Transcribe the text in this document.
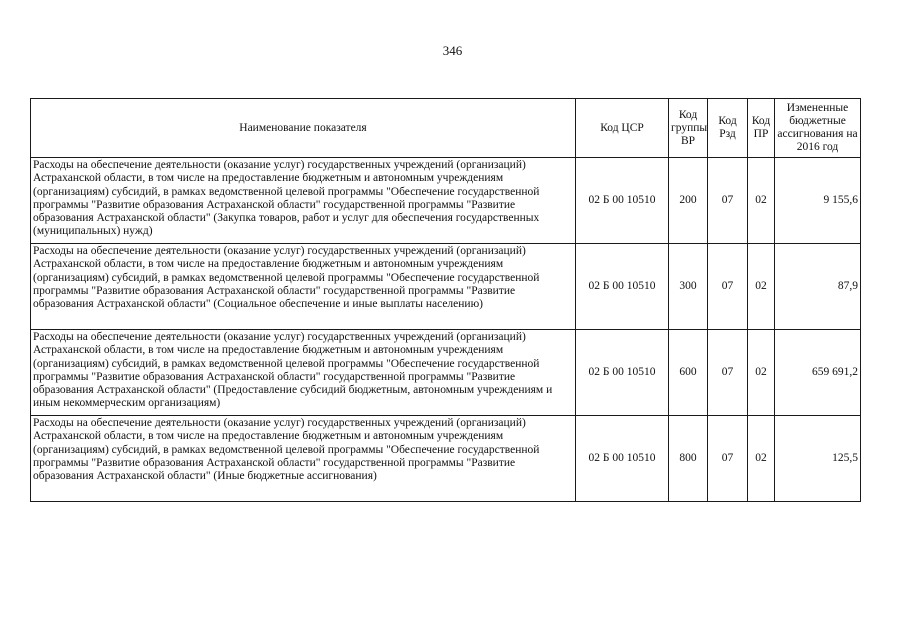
346
Наименование показателя	Код ЦСР	Код группы ВР	Код Рзд	Код ПР	Измененные бюджетные ассигнования на 2016 год
Расходы на обеспечение деятельности (оказание услуг) государственных учреждений (организаций) Астраханской области, в том числе на предоставление бюджетным и автономным учреждениям (организациям) субсидий, в рамках ведомственной целевой программы "Обеспечение государственной программы "Развитие образования Астраханской области" государственной программы "Развитие образования Астраханской области" (Закупка товаров, работ и услуг для обеспечения государственных (муниципальных) нужд)	02 Б 00 10510	200	07	02	9 155,6
Расходы на обеспечение деятельности (оказание услуг) государственных учреждений (организаций) Астраханской области, в том числе на предоставление бюджетным и автономным учреждениям (организациям) субсидий, в рамках ведомственной целевой программы "Обеспечение государственной программы "Развитие образования Астраханской области" государственной программы "Развитие образования Астраханской области" (Социальное обеспечение и иные выплаты населению)	02 Б 00 10510	300	07	02	87,9
Расходы на обеспечение деятельности (оказание услуг) государственных учреждений (организаций) Астраханской области, в том числе на предоставление бюджетным и автономным учреждениям (организациям) субсидий, в рамках ведомственной целевой программы "Обеспечение государственной программы "Развитие образования Астраханской области" государственной программы "Развитие образования Астраханской области" (Предоставление субсидий бюджетным, автономным учреждениям и иным некоммерческим организациям)	02 Б 00 10510	600	07	02	659 691,2
Расходы на обеспечение деятельности (оказание услуг) государственных учреждений (организаций) Астраханской области, в том числе на предоставление бюджетным и автономным учреждениям (организациям) субсидий, в рамках ведомственной целевой программы "Обеспечение государственной программы "Развитие образования Астраханской области" государственной программы "Развитие образования Астраханской области" (Иные бюджетные ассигнования)	02 Б 00 10510	800	07	02	125,5
